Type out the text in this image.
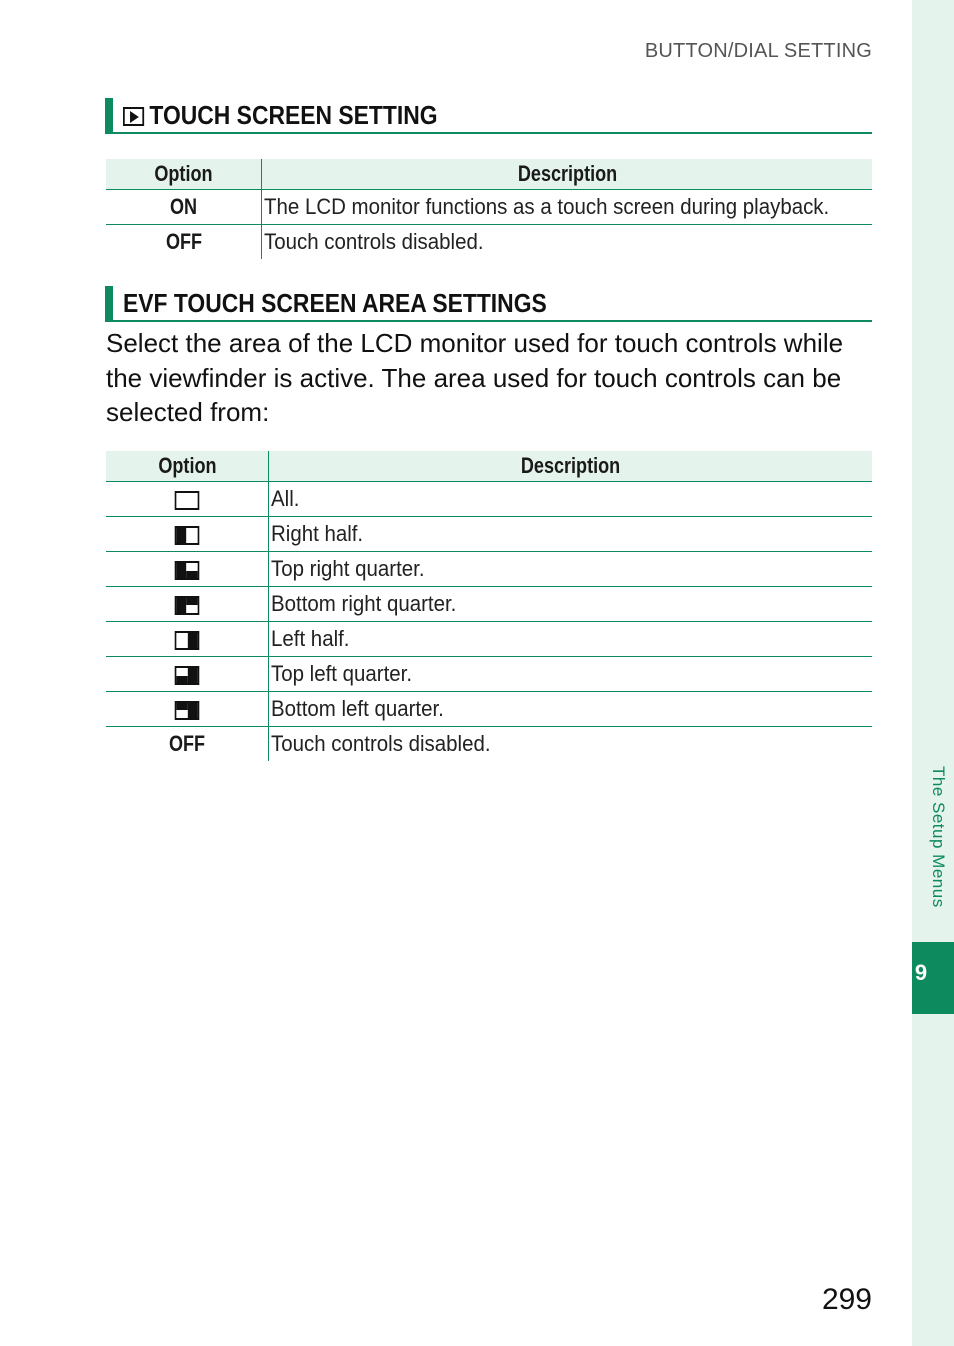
BUTTON/DIAL SETTING
TOUCH SCREEN SETTING
Option	Description
ON	The LCD monitor functions as a touch screen during playback.
OFF	Touch controls disabled.
EVF TOUCH SCREEN AREA SETTINGS
Select the area of the LCD monitor used for touch controls while the viewfinder is active. The area used for touch controls can be selected from:
Option	Description
	All.

	Right half.

	Top right quarter.

	Bottom right quarter.

	Left half.

	Top left quarter.

	Bottom left quarter.
OFF	Touch controls disabled.
The Setup Menus
9
299
